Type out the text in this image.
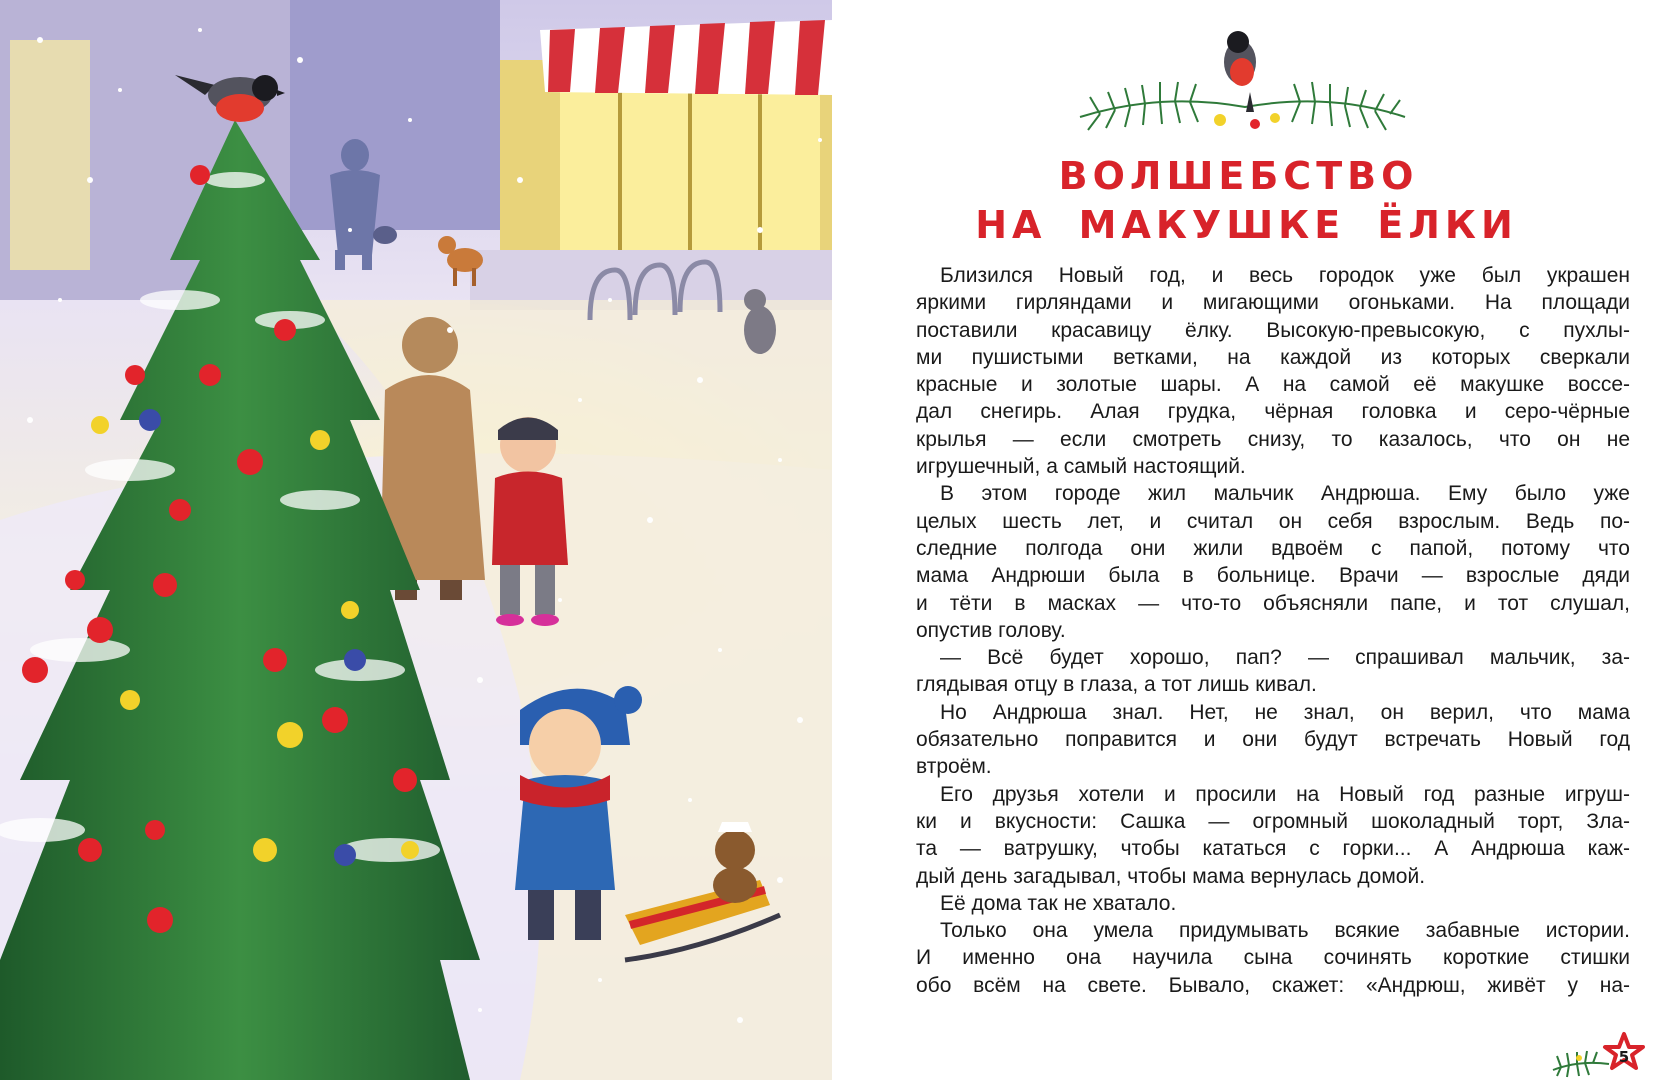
ВОЛШЕБСТВО
НА МАКУШКЕ ЁЛКИ
Близился Новый год, и весь городок уже был украшен
яркими гирляндами и мигающими огоньками. На площади
поставили красавицу ёлку. Высокую-превысокую, с пухлы-
ми пушистыми ветками, на каждой из которых сверкали
красные и золотые шары. А на самой её макушке воссе-
дал снегирь. Алая грудка, чёрная головка и серо-чёрные
крылья — если смотреть снизу, то казалось, что он не
игрушечный, а самый настоящий.
В этом городе жил мальчик Андрюша. Ему было уже
целых шесть лет, и считал он себя взрослым. Ведь по-
следние полгода они жили вдвоём с папой, потому что
мама Андрюши была в больнице. Врачи — взрослые дяди
и тёти в масках — что-то объясняли папе, и тот слушал,
опустив голову.
— Всё будет хорошо, пап? — спрашивал мальчик, за-
глядывая отцу в глаза, а тот лишь кивал.
Но Андрюша знал. Нет, не знал, он верил, что мама
обязательно поправится и они будут встречать Новый год
втроём.
Его друзья хотели и просили на Новый год разные игруш-
ки и вкусности: Сашка — огромный шоколадный торт, Зла-
та — ватрушку, чтобы кататься с горки... А Андрюша каж-
дый день загадывал, чтобы мама вернулась домой.
Её дома так не хватало.
Только она умела придумывать всякие забавные истории.
И именно она научила сына сочинять короткие стишки
обо всём на свете. Бывало, скажет: «Андрюш, живёт у на-
5
